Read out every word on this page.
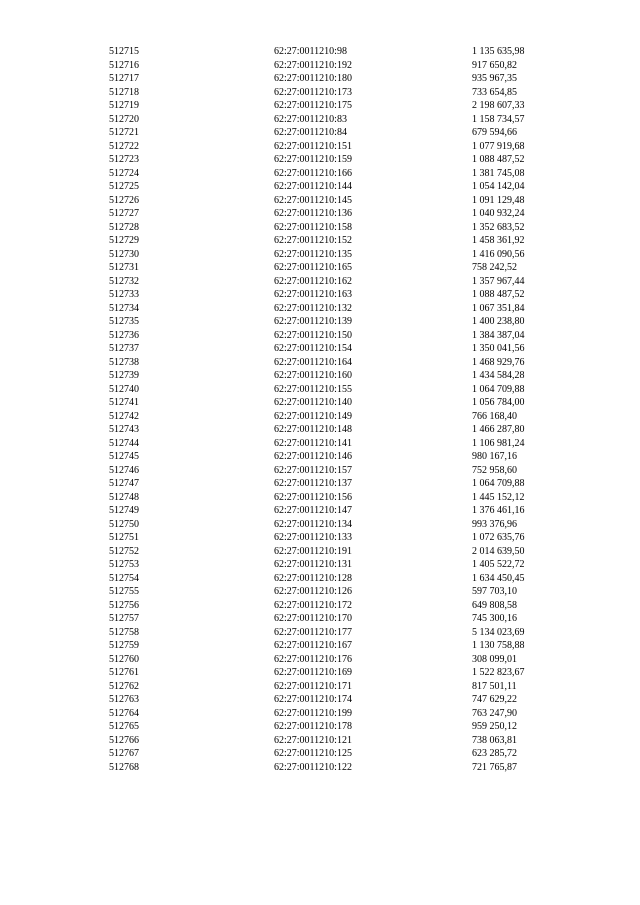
512715	62:27:0011210:98	1 135 635,98
512716	62:27:0011210:192	917 650,82
512717	62:27:0011210:180	935 967,35
512718	62:27:0011210:173	733 654,85
512719	62:27:0011210:175	2 198 607,33
512720	62:27:0011210:83	1 158 734,57
512721	62:27:0011210:84	679 594,66
512722	62:27:0011210:151	1 077 919,68
512723	62:27:0011210:159	1 088 487,52
512724	62:27:0011210:166	1 381 745,08
512725	62:27:0011210:144	1 054 142,04
512726	62:27:0011210:145	1 091 129,48
512727	62:27:0011210:136	1 040 932,24
512728	62:27:0011210:158	1 352 683,52
512729	62:27:0011210:152	1 458 361,92
512730	62:27:0011210:135	1 416 090,56
512731	62:27:0011210:165	758 242,52
512732	62:27:0011210:162	1 357 967,44
512733	62:27:0011210:163	1 088 487,52
512734	62:27:0011210:132	1 067 351,84
512735	62:27:0011210:139	1 400 238,80
512736	62:27:0011210:150	1 384 387,04
512737	62:27:0011210:154	1 350 041,56
512738	62:27:0011210:164	1 468 929,76
512739	62:27:0011210:160	1 434 584,28
512740	62:27:0011210:155	1 064 709,88
512741	62:27:0011210:140	1 056 784,00
512742	62:27:0011210:149	766 168,40
512743	62:27:0011210:148	1 466 287,80
512744	62:27:0011210:141	1 106 981,24
512745	62:27:0011210:146	980 167,16
512746	62:27:0011210:157	752 958,60
512747	62:27:0011210:137	1 064 709,88
512748	62:27:0011210:156	1 445 152,12
512749	62:27:0011210:147	1 376 461,16
512750	62:27:0011210:134	993 376,96
512751	62:27:0011210:133	1 072 635,76
512752	62:27:0011210:191	2 014 639,50
512753	62:27:0011210:131	1 405 522,72
512754	62:27:0011210:128	1 634 450,45
512755	62:27:0011210:126	597 703,10
512756	62:27:0011210:172	649 808,58
512757	62:27:0011210:170	745 300,16
512758	62:27:0011210:177	5 134 023,69
512759	62:27:0011210:167	1 130 758,88
512760	62:27:0011210:176	308 099,01
512761	62:27:0011210:169	1 522 823,67
512762	62:27:0011210:171	817 501,11
512763	62:27:0011210:174	747 629,22
512764	62:27:0011210:199	763 247,90
512765	62:27:0011210:178	959 250,12
512766	62:27:0011210:121	738 063,81
512767	62:27:0011210:125	623 285,72
512768	62:27:0011210:122	721 765,87
